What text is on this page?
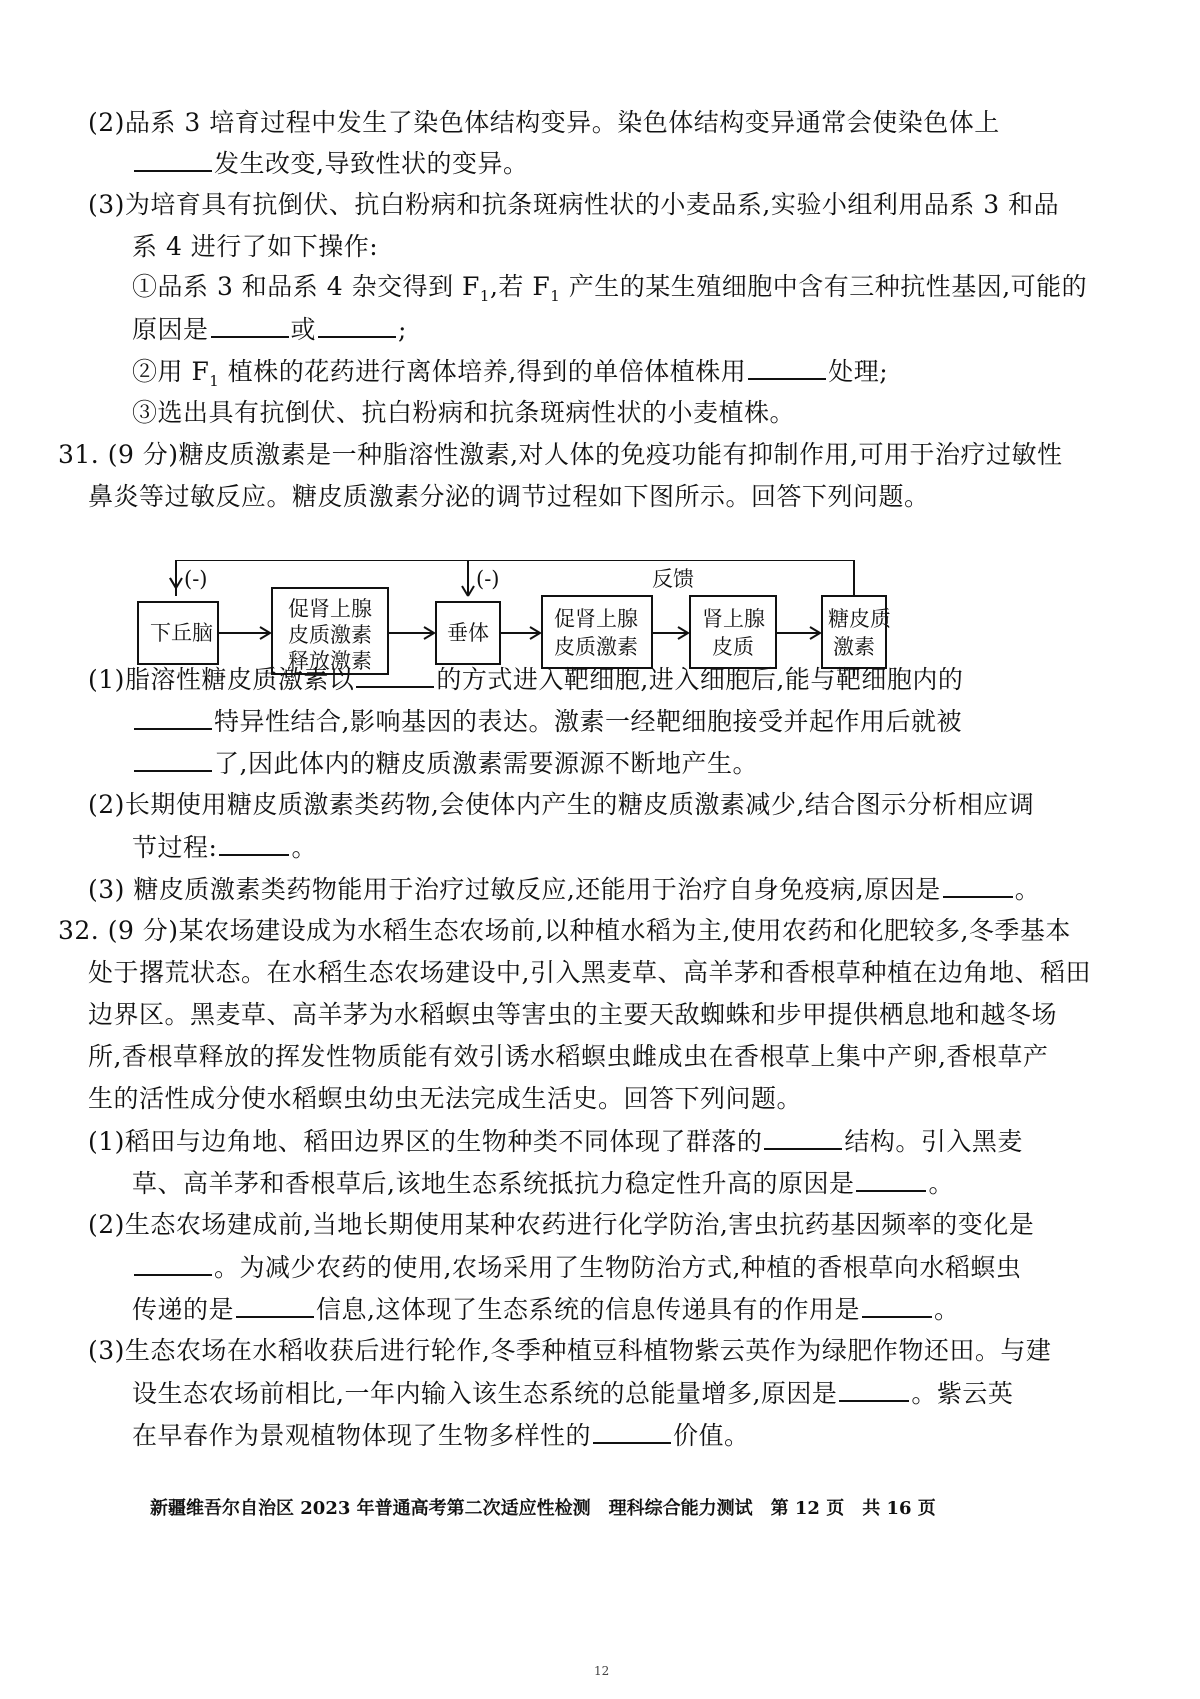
(2)品系 3 培育过程中发生了染色体结构变异。染色体结构变异通常会使染色体上
发生改变,导致性状的变异。
(3)为培育具有抗倒伏、抗白粉病和抗条斑病性状的小麦品系,实验小组利用品系 3 和品
系 4 进行了如下操作:
①品系 3 和品系 4 杂交得到 $F_1$,若 $F_1$ 产生的某生殖细胞中含有三种抗性基因,可能的
原因是	或	;
②用 $F_1$ 植株的花药进行离体培养,得到的单倍体植株用	处理;
③选出具有抗倒伏、抗白粉病和抗条斑病性状的小麦植株。
31. (9 分)糖皮质激素是一种脂溶性激素,对人体的免疫功能有抑制作用,可用于治疗过敏性
鼻炎等过敏反应。糖皮质激素分泌的调节过程如下图所示。回答下列问题。
(-)	(-)	反馈
下丘脑
促肾上腺
皮质激素
释放激素
垂体
促肾上腺
皮质激素
肾上腺
皮质
糖皮质
激素
(1)脂溶性糖皮质激素以	的方式进入靶细胞,进入细胞后,能与靶细胞内的
特异性结合,影响基因的表达。激素一经靶细胞接受并起作用后就被
了,因此体内的糖皮质激素需要源源不断地产生。
(2)长期使用糖皮质激素类药物,会使体内产生的糖皮质激素减少,结合图示分析相应调
节过程:	。
(3) 糖皮质激素类药物能用于治疗过敏反应,还能用于治疗自身免疫病,原因是	。
32. (9 分)某农场建设成为水稻生态农场前,以种植水稻为主,使用农药和化肥较多,冬季基本
处于撂荒状态。在水稻生态农场建设中,引入黑麦草、高羊茅和香根草种植在边角地、稻田
边界区。黑麦草、高羊茅为水稻螟虫等害虫的主要天敌蜘蛛和步甲提供栖息地和越冬场
所,香根草释放的挥发性物质能有效引诱水稻螟虫雌成虫在香根草上集中产卵,香根草产
生的活性成分使水稻螟虫幼虫无法完成生活史。回答下列问题。
(1)稻田与边角地、稻田边界区的生物种类不同体现了群落的	结构。引入黑麦
草、高羊茅和香根草后,该地生态系统抵抗力稳定性升高的原因是	。
(2)生态农场建成前,当地长期使用某种农药进行化学防治,害虫抗药基因频率的变化是
。为减少农药的使用,农场采用了生物防治方式,种植的香根草向水稻螟虫
传递的是	信息,这体现了生态系统的信息传递具有的作用是	。
(3)生态农场在水稻收获后进行轮作,冬季种植豆科植物紫云英作为绿肥作物还田。与建
设生态农场前相比,一年内输入该生态系统的总能量增多,原因是	。紫云英
在早春作为景观植物体现了生物多样性的	价值。
新疆维吾尔自治区 2023 年普通高考第二次适应性检测　理科综合能力测试　第 12 页　共 16 页
12
